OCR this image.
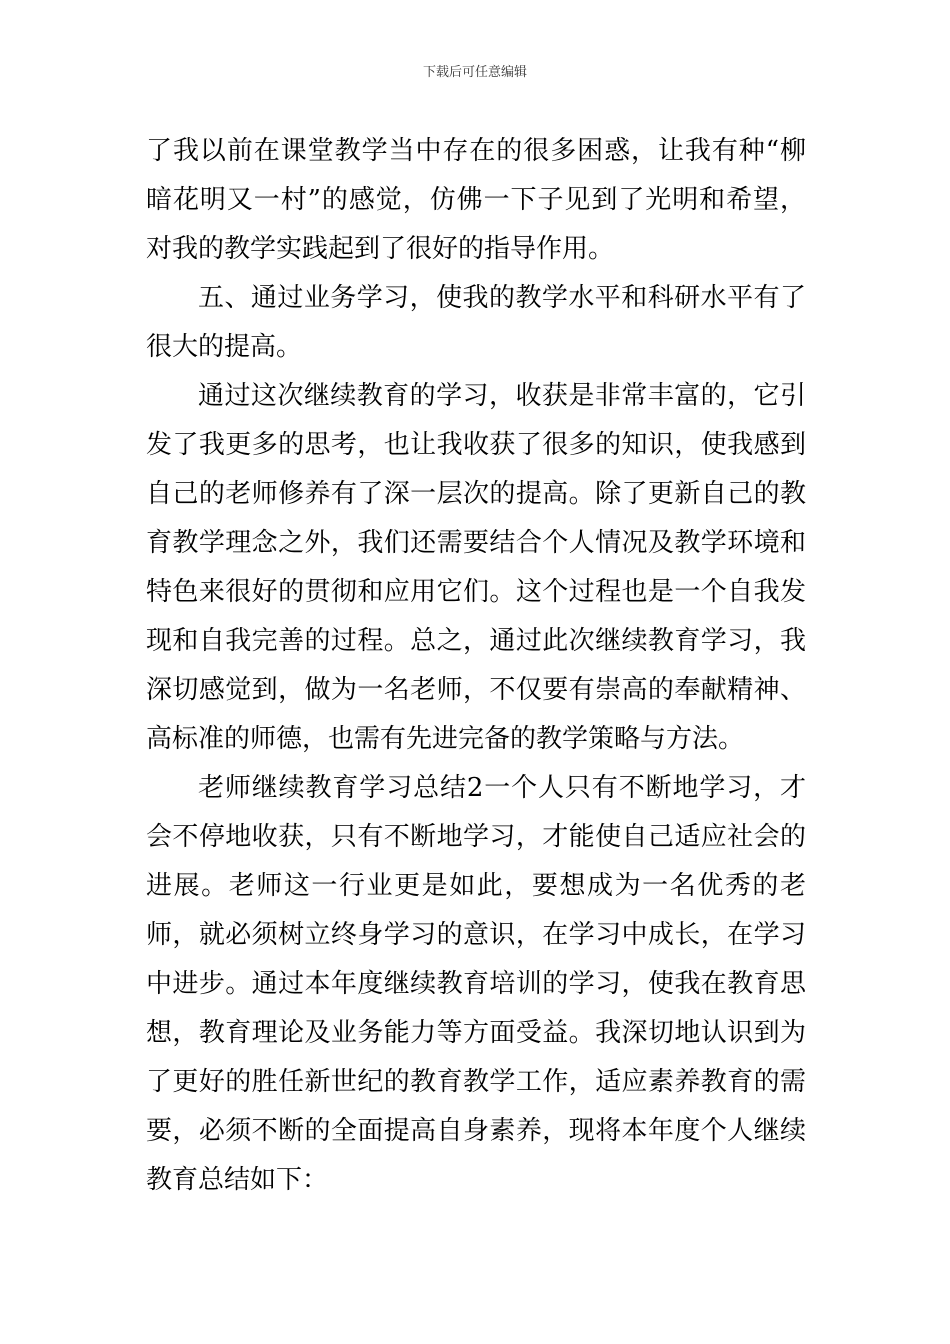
下载后可任意编辑

了我以前在课堂教学当中存在的很多困惑，让我有种“柳暗花明又一村”的感觉，仿佛一下子见到了光明和希望，对我的教学实践起到了很好的指导作用。

五、通过业务学习，使我的教学水平和科研水平有了很大的提高。

通过这次继续教育的学习，收获是非常丰富的，它引发了我更多的思考，也让我收获了很多的知识，使我感到自己的老师修养有了深一层次的提高。除了更新自己的教育教学理念之外，我们还需要结合个人情况及教学环境和特色来很好的贯彻和应用它们。这个过程也是一个自我发现和自我完善的过程。总之，通过此次继续教育学习，我深切感觉到，做为一名老师，不仅要有崇高的奉献精神、高标准的师德，也需有先进完备的教学策略与方法。

老师继续教育学习总结2一个人只有不断地学习，才会不停地收获，只有不断地学习，才能使自己适应社会的进展。老师这一行业更是如此，要想成为一名优秀的老师，就必须树立终身学习的意识，在学习中成长，在学习中进步。通过本年度继续教育培训的学习，使我在教育思想，教育理论及业务能力等方面受益。我深切地认识到为了更好的胜任新世纪的教育教学工作，适应素养教育的需要，必须不断的全面提高自身素养，现将本年度个人继续教育总结如下：
